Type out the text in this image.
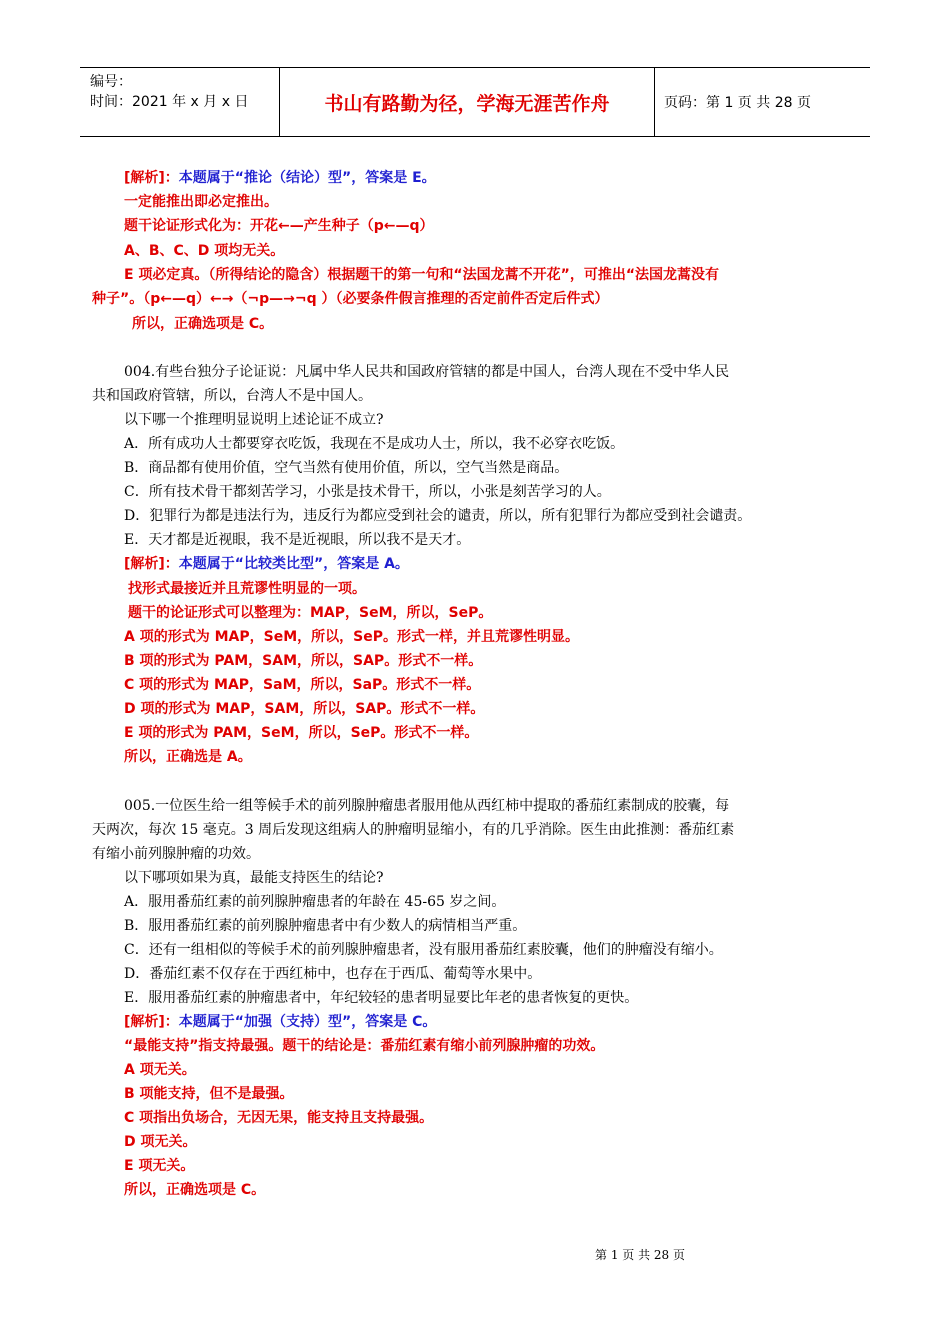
编号：
时间：2021 年 x 月 x 日	书山有路勤为径，学海无涯苦作舟	页码：第 1 页 共 28 页
[解析]：本题属于“推论（结论）型”，答案是 E。
一定能推出即必定推出。
题干论证形式化为：开花←—产生种子（p←—q）
A、B、C、D 项均无关。
E 项必定真。（所得结论的隐含）根据题干的第一句和“法国龙蒿不开花”，可推出“法国龙蒿没有
种子”。（p←—q）←→（¬p—→¬q ）（必要条件假言推理的否定前件否定后件式）
所以，正确选项是 C。
004.有些台独分子论证说：凡属中华人民共和国政府管辖的都是中国人，台湾人现在不受中华人民
共和国政府管辖，所以，台湾人不是中国人。
以下哪一个推理明显说明上述论证不成立?
A．所有成功人士都要穿衣吃饭，我现在不是成功人士，所以，我不必穿衣吃饭。
B．商品都有使用价值，空气当然有使用价值，所以，空气当然是商品。
C．所有技术骨干都刻苦学习，小张是技术骨干，所以，小张是刻苦学习的人。
D．犯罪行为都是违法行为，违反行为都应受到社会的谴责，所以，所有犯罪行为都应受到社会谴责。
E．天才都是近视眼，我不是近视眼，所以我不是天才。
[解析]：本题属于“比较类比型”，答案是 A。
找形式最接近并且荒谬性明显的一项。
题干的论证形式可以整理为：MAP，SeM，所以，SeP。
A 项的形式为 MAP，SeM，所以，SeP。形式一样，并且荒谬性明显。
B 项的形式为 PAM，SAM，所以，SAP。形式不一样。
C 项的形式为 MAP，SaM，所以，SaP。形式不一样。
D 项的形式为 MAP，SAM，所以，SAP。形式不一样。
E 项的形式为 PAM，SeM，所以，SeP。形式不一样。
所以，正确选是 A。
005.一位医生给一组等候手术的前列腺肿瘤患者服用他从西红柿中提取的番茄红素制成的胶囊，每
天两次，每次 15 毫克。3 周后发现这组病人的肿瘤明显缩小，有的几乎消除。医生由此推测：番茄红素
有缩小前列腺肿瘤的功效。
以下哪项如果为真，最能支持医生的结论?
A．服用番茄红素的前列腺肿瘤患者的年龄在 45-65 岁之间。
B．服用番茄红素的前列腺肿瘤患者中有少数人的病情相当严重。
C．还有一组相似的等候手术的前列腺肿瘤患者，没有服用番茄红素胶囊，他们的肿瘤没有缩小。
D．番茄红素不仅存在于西红柿中，也存在于西瓜、葡萄等水果中。
E．服用番茄红素的肿瘤患者中，年纪较轻的患者明显要比年老的患者恢复的更快。
[解析]：本题属于“加强（支持）型”，答案是 C。
“最能支持”指支持最强。题干的结论是：番茄红素有缩小前列腺肿瘤的功效。
A 项无关。
B 项能支持，但不是最强。
C 项指出负场合，无因无果，能支持且支持最强。
D 项无关。
E 项无关。
所以，正确选项是 C。
第 1 页 共 28 页
